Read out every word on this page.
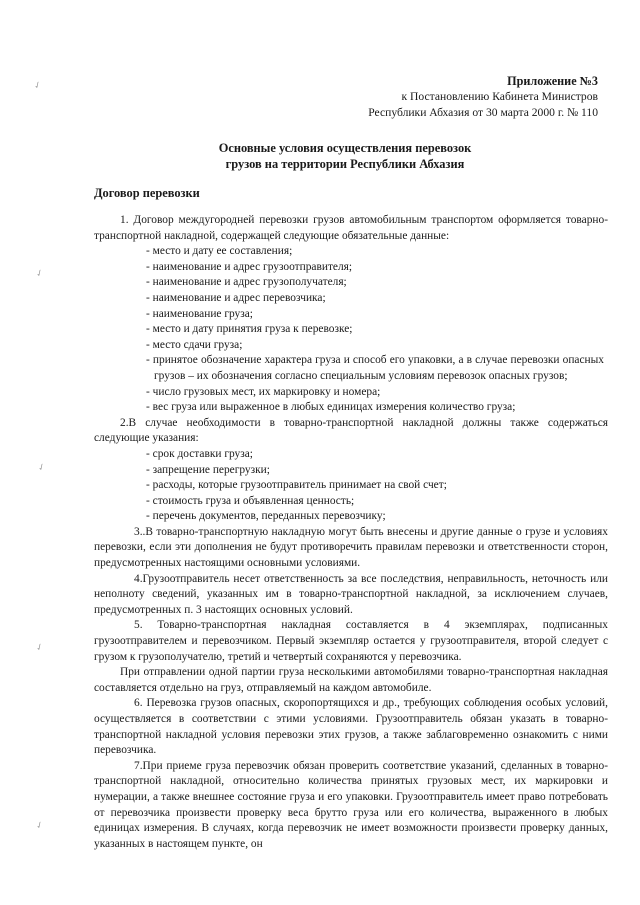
✓
✓
✓
✓
✓
Приложение №3
к Постановлению Кабинета Министров
Республики Абхазия от 30 марта 2000 г. № 110
Основные условия осуществления перевозок
грузов на территории Республики Абхазия
Договор перевозки

1. Договор междугородней перевозки грузов автомобильным транспортом оформляется товарно-транспортной накладной, содержащей следующие обязательные данные:

- место и дату ее составления;
- наименование и адрес грузоотправителя;
- наименование и адрес грузополучателя;
- наименование и адрес перевозчика;
- наименование груза;
- место и дату принятия груза к перевозке;
- место сдачи груза;
- принятое обозначение характера груза и способ его упаковки, а в случае перевозки опасных грузов – их обозначения согласно специальным условиям перевозок опасных грузов;
- число грузовых мест, их маркировку и номера;
- вес груза или выраженное в любых единицах измерения количество груза;

2.В случае необходимости в товарно-транспортной накладной должны также содержаться следующие указания:

- срок доставки груза;
- запрещение перегрузки;
- расходы, которые грузоотправитель принимает на свой счет;
- стоимость груза и объявленная ценность;
- перечень документов, переданных перевозчику;

3..В товарно-транспортную накладную могут быть внесены и другие данные о грузе и условиях перевозки, если эти дополнения не будут противоречить правилам перевозки и ответственности сторон, предусмотренных настоящими основными условиями.

4.Грузоотправитель несет ответственность за все последствия, неправильность, неточность или неполноту сведений, указанных им в товарно-транспортной накладной, за исключением случаев, предусмотренных п. 3 настоящих основных условий.

5. Товарно-транспортная накладная составляется в 4 экземплярах, подписанных грузоотправителем и перевозчиком. Первый экземпляр остается у грузоотправителя, второй следует с грузом к грузополучателю, третий и четвертый сохраняются у перевозчика.

При отправлении одной партии груза несколькими автомобилями товарно-транспортная накладная составляется отдельно на груз, отправляемый на каждом автомобиле.

6. Перевозка грузов опасных, скоропортящихся и др., требующих соблюдения особых условий, осуществляется в соответствии с этими условиями. Грузоотправитель обязан указать в товарно-транспортной накладной условия перевозки этих грузов, а также заблаговременно ознакомить с ними перевозчика.

7.При приеме груза перевозчик обязан проверить соответствие указаний, сделанных в товарно-транспортной накладной, относительно количества принятых грузовых мест, их маркировки и нумерации, а также внешнее состояние груза и его упаковки. Грузоотправитель имеет право потребовать от перевозчика произвести проверку веса брутто груза или его количества, выраженного в любых единицах измерения. В случаях, когда перевозчик не имеет возможности произвести проверку данных, указанных в настоящем пункте, он
